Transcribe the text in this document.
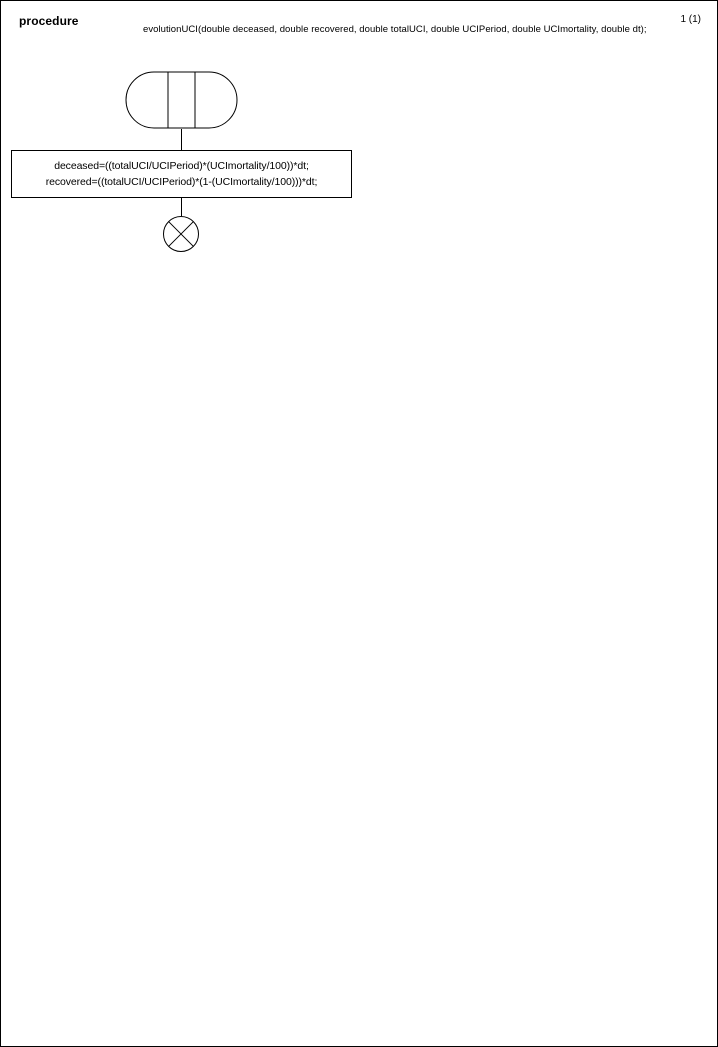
procedure
evolutionUCI(double deceased, double recovered, double totalUCI, double UCIPeriod, double UCImortality, double dt);
1 (1)
deceased=((totalUCI/UCIPeriod)*(UCImortality/100))*dt;
recovered=((totalUCI/UCIPeriod)*(1-(UCImortality/100)))*dt;
